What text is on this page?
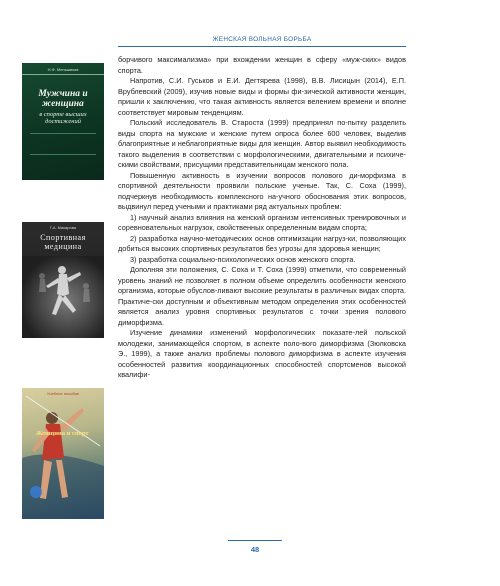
ЖЕНСКАЯ ВОЛЬНАЯ БОРЬБА
Н.Ф. Меньшиков
Мужчина и женщина
в спорте высших достижений
Г.А. Макарова
Спортивная медицина
Учебное пособие
Женщина и спорт

борчивого максимализма» при вхождении женщин в сферу «муж-ских» видов спорта.

Напротив, С.И. Гуськов и Е.И. Дегтярева (1998), В.В. Лисицын (2014), Е.П. Врублевский (2009), изучив новые виды и формы фи-зической активности женщин, пришли к заключению, что такая активность является велением времени и вполне соответствует мировым тенденциям.

Польский исследователь В. Староста (1999) предпринял по-пытку разделить виды спорта на мужские и женские путем опроса более 600 человек, выделив благоприятные и неблагоприятные виды для женщин. Автор выявил необходимость такого выделения в соответствии с морфологическими, двигательными и психиче-скими свойствами, присущими представительницам женского пола.

Повышенную активность в изучении вопросов полового ди-морфизма в спортивной деятельности проявили польские ученые. Так, С. Соха (1999), подчеркнув необходимость комплексного на-учного обоснования этих вопросов, выдвинул перед учеными и практиками ряд актуальных проблем:

1) научный анализ влияния на женский организм интенсивных тренировочных и соревновательных нагрузок, свойственных определенным видам спорта;

2) разработка научно-методических основ оптимизации нагруз-ки, позволяющих добиться высоких спортивных результатов без угрозы для здоровья женщин;

3) разработка социально-психологических основ женского спорта.

Дополняя эти положения, С. Соха и Т. Соха (1999) отметили, что современный уровень знаний не позволяет в полном объеме определить особенности женского организма, которые обуслов-ливают высокие результаты в различных видах спорта. Практиче-ски доступным и объективным методом определения этих особенностей является анализ уровня спортивных результатов с точки зрения полового диморфизма.

Изучение динамики изменений морфологических показате-лей польской молодежи, занимающейся спортом, в аспекте поло-вого диморфизма (Зюлковска Э., 1999), а также анализ проблемы полового диморфизма в аспекте изучения особенностей развития координационных способностей спортсменов высокой квалифи-

48
